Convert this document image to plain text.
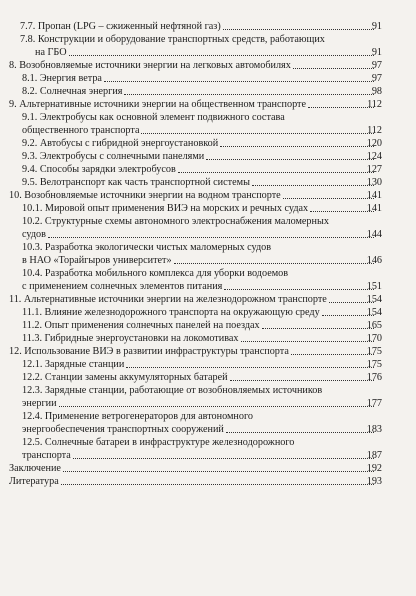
7.7. Пропан (LPG – сжиженный нефтяной газ)	91
7.8. Конструкции и оборудование транспортных средств, работающих
на ГБО	91
8. Возобновляемые источники энергии на легковых автомобилях	97
8.1. Энергия ветра	97
8.2. Солнечная энергия	98
9. Альтернативные источники энергии на общественном транспорте	112
9.1. Электробусы как основной элемент подвижного состава
общественного транспорта	112
9.2. Автобусы с гибридной энергоустановкой	120
9.3. Электробусы с солнечными панелями	124
9.4. Способы зарядки электробусов	127
9.5. Велотранспорт как часть транспортной системы	130
10. Возобновляемые источники энергии на водном транспорте	141
10.1. Мировой опыт применения ВИЭ на морских и речных судах	141
10.2. Структурные схемы автономного электроснабжения маломерных
судов	144
10.3. Разработка экологически чистых маломерных судов
в НАО «Торайгыров университет»	146
10.4. Разработка мобильного комплекса для уборки водоемов
с применением солнечных элементов питания	151
11. Альтернативные источники энергии на железнодорожном транспорте	154
11.1. Влияние железнодорожного транспорта на окружающую среду	154
11.2. Опыт применения солнечных панелей на поездах	165
11.3. Гибридные энергоустановки на локомотивах	170
12. Использование ВИЭ в развитии инфраструктуры транспорта	175
12.1. Зарядные станции	175
12.2. Станции замены аккумуляторных батарей	176
12.3. Зарядные станции, работающие от возобновляемых источников
энергии	177
12.4. Применение ветрогенераторов для автономного
энергообеспечения транспортных сооружений	183
12.5. Солнечные батареи в инфраструктуре железнодорожного
транспорта	187
Заключение	192
Литература	193
